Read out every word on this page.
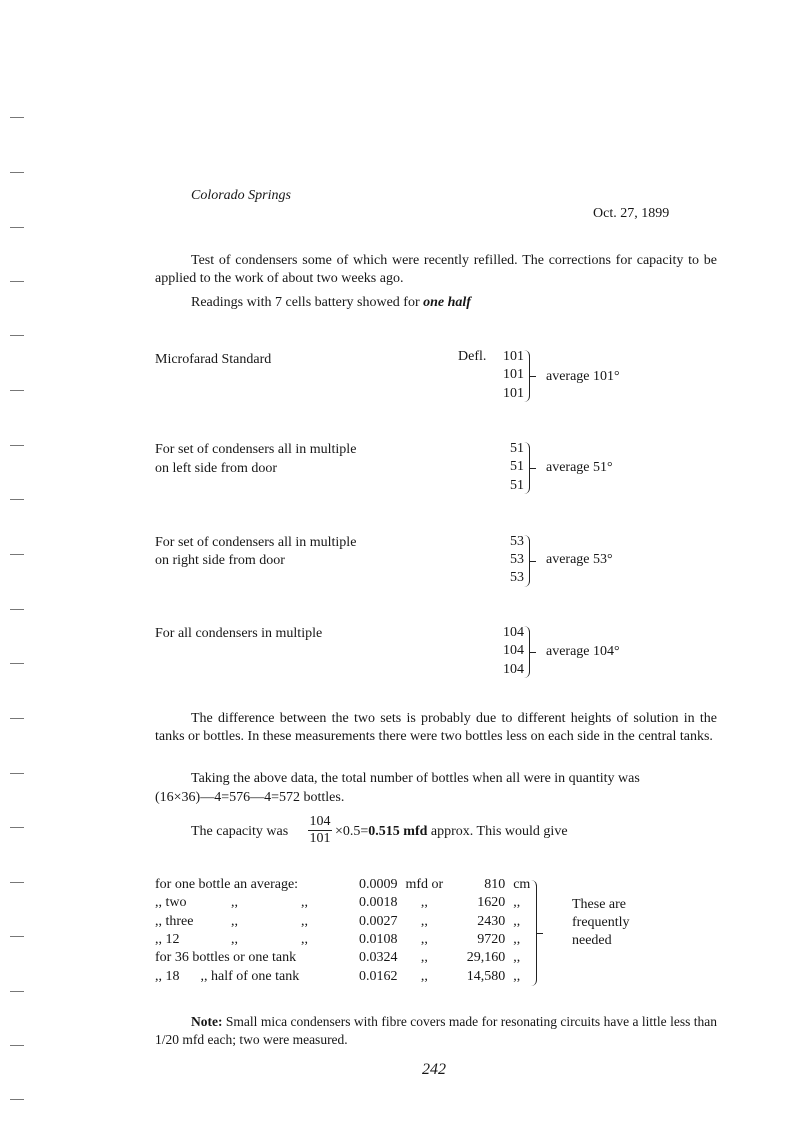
Colorado Springs
Oct. 27, 1899
Test of condensers some of which were recently refilled. The corrections for capacity to be applied to the work of about two weeks ago.
Readings with 7 cells battery showed for one half
Microfarad Standard	Defl.	101
101
101
average 101°
For set of condensers all in multiple
on left side from door
51
51
51
average 51°
For set of condensers all in multiple
on right side from door
53
53
53
average 53°
For all condensers in multiple	104
104
104
average 104°
The difference between the two sets is probably due to different heights of solution in the tanks or bottles. In these measurements there were two bottles less on each side in the central tanks.
Taking the above data, the total number of bottles when all were in quantity was
(16×36)—4=576—4=572 bottles.
The capacity was
104
101 ×0.5=0.515 mfd approx. This would give
for one bottle an average:			0.0009	mfd or	810	cm
,, two	,,	,,	0.0018	,,	1620	,,
,, three	,,	,,	0.0027	,,	2430	,,
,, 12	,,	,,	0.0108	,,	9720	,,
for 36 bottles or one tank			0.0324	,,	29,160	,,
,, 18      ,, half of one tank			0.0162	,,	14,580	,,
These are
frequently
needed
Note: Small mica condensers with fibre covers made for resonating circuits have a little less than 1/20 mfd each; two were measured.
242
